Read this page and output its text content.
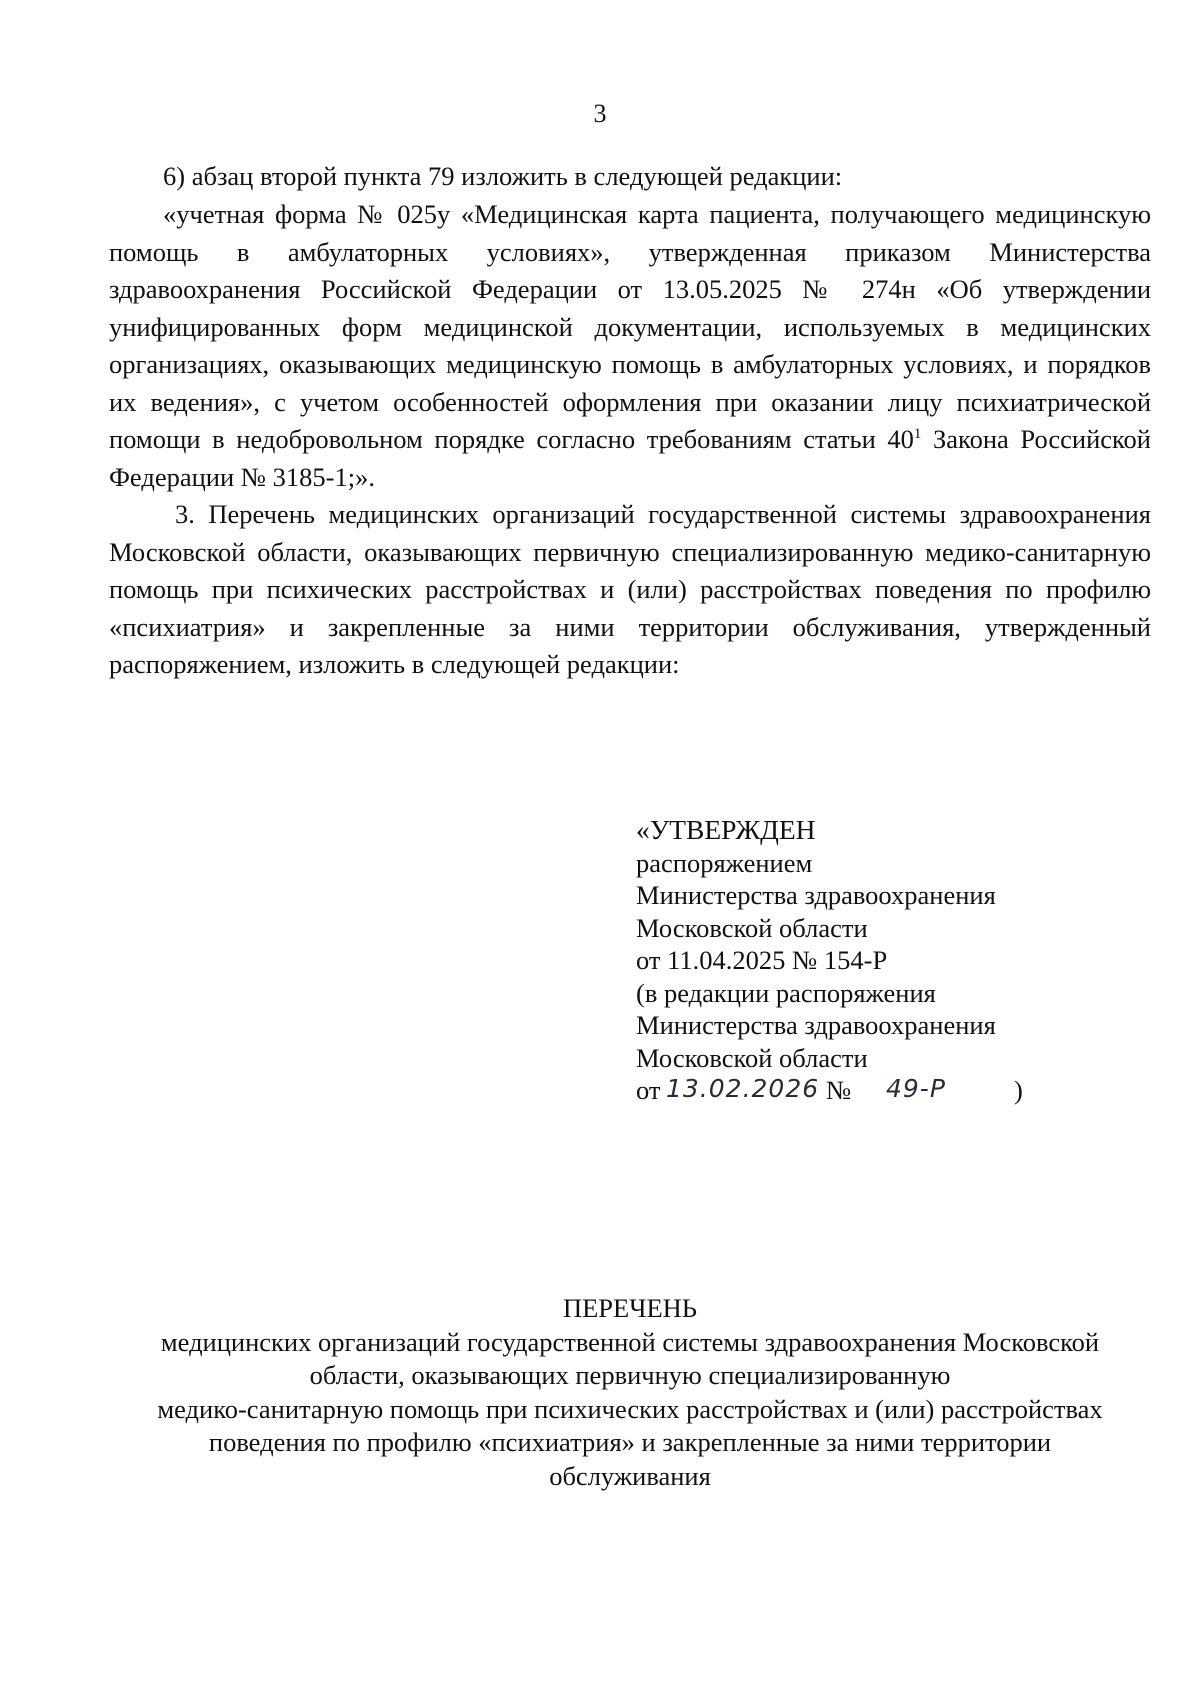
3

6) абзац второй пункта 79 изложить в следующей редакции:

«учетная форма № 025у «Медицинская карта пациента, получающего медицинскую помощь в амбулаторных условиях», утвержденная приказом Министерства здравоохранения Российской Федерации от 13.05.2025 № 274н «Об утверждении унифицированных форм медицинской документации, используемых в медицинских организациях, оказывающих медицинскую помощь в амбулаторных условиях, и порядков их ведения», с учетом особенностей оформления при оказании лицу психиатрической помощи в недобровольном порядке согласно требованиям статьи $40^1$ Закона Российской Федерации № 3185-1;».

3. Перечень медицинских организаций государственной системы здравоохранения Московской области, оказывающих первичную специализированную медико-санитарную помощь при психических расстройствах и (или) расстройствах поведения по профилю «психиатрия» и закрепленные за ними территории обслуживания, утвержденный распоряжением, изложить в следующей редакции:

«УТВЕРЖДЕН
распоряжением
Министерства здравоохранения
Московской области
от 11.04.2025 № 154-Р
(в редакции распоряжения
Министерства здравоохранения
Московской области
от 13.02.2026 № 49-Р	)
ПЕРЕЧЕНЬ
медицинских организаций государственной системы здравоохранения Московской
области, оказывающих первичную специализированную
медико-санитарную помощь при психических расстройствах и (или) расстройствах
поведения по профилю «психиатрия» и закрепленные за ними территории
обслуживания
